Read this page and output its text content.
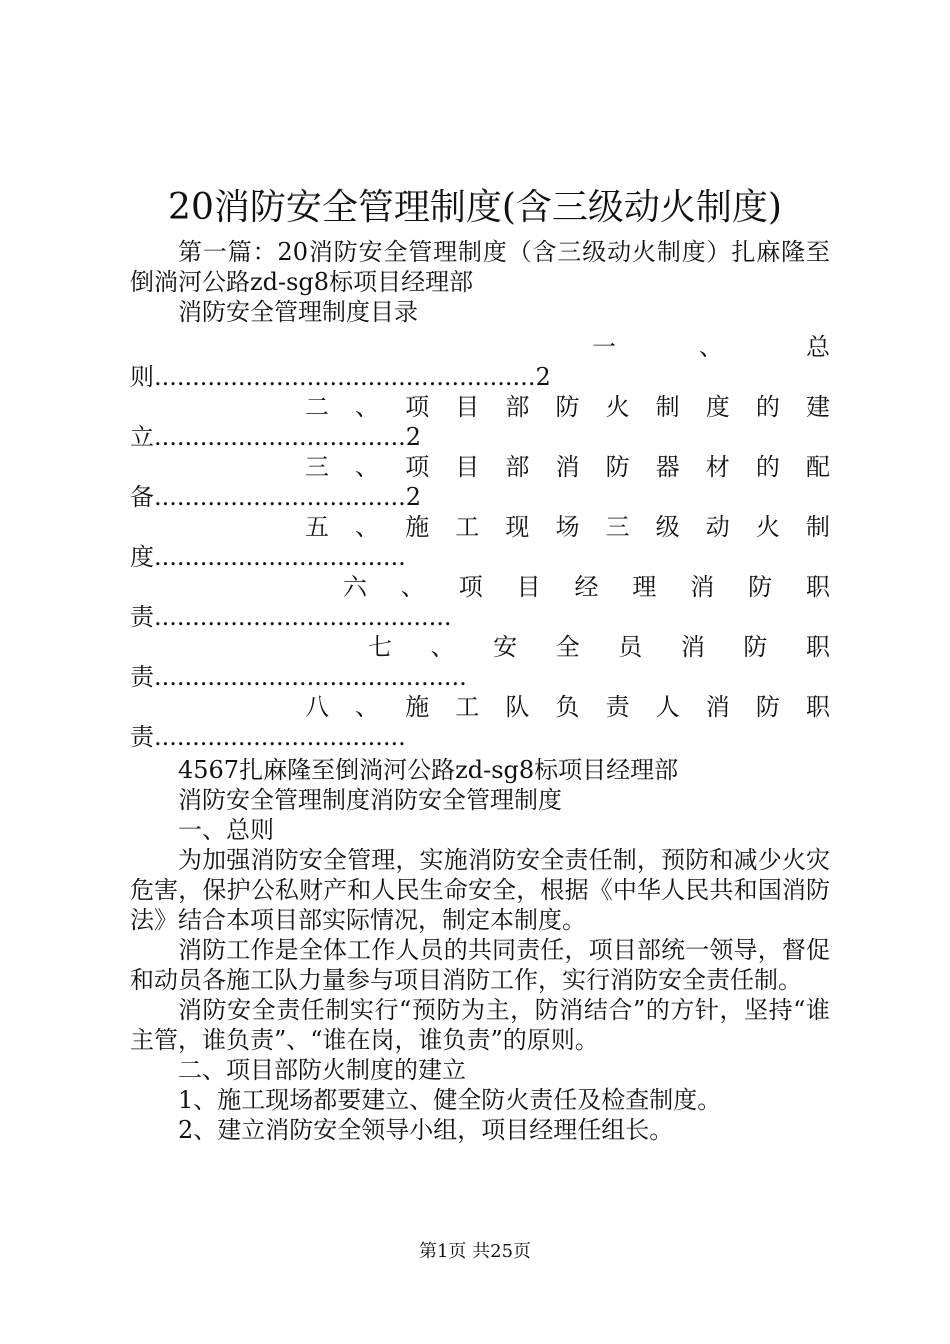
20消防安全管理制度(含三级动火制度)

第一篇：20消防安全管理制度（含三级动火制度）扎麻隆至倒淌河公路zd-sg8标项目经理部

消防安全管理制度目录

一	、	总
则..................................................2
二 、 项 目 部 防 火 制 度 的 建
立.................................2
三 、 项 目 部 消 防 器 材 的 配
备.................................2
五 、 施 工 现 场 三 级 动 火 制
度.................................
六 、 项 目 经 理 消 防 职
责.......................................
七 、 安 全 员 消 防 职
责.........................................
八 、 施 工 队 负 责 人 消 防 职
责.................................

4567扎麻隆至倒淌河公路zd-sg8标项目经理部

消防安全管理制度消防安全管理制度

一、总则

为加强消防安全管理，实施消防安全责任制，预防和减少火灾危害，保护公私财产和人民生命安全，根据《中华人民共和国消防法》结合本项目部实际情况，制定本制度。

消防工作是全体工作人员的共同责任，项目部统一领导，督促和动员各施工队力量参与项目消防工作，实行消防安全责任制。

消防安全责任制实行“预防为主，防消结合”的方针，坚持“谁主管，谁负责”、“谁在岗，谁负责”的原则。

二、项目部防火制度的建立

1、施工现场都要建立、健全防火责任及检查制度。

2、建立消防安全领导小组，项目经理任组长。

第1页 共25页
